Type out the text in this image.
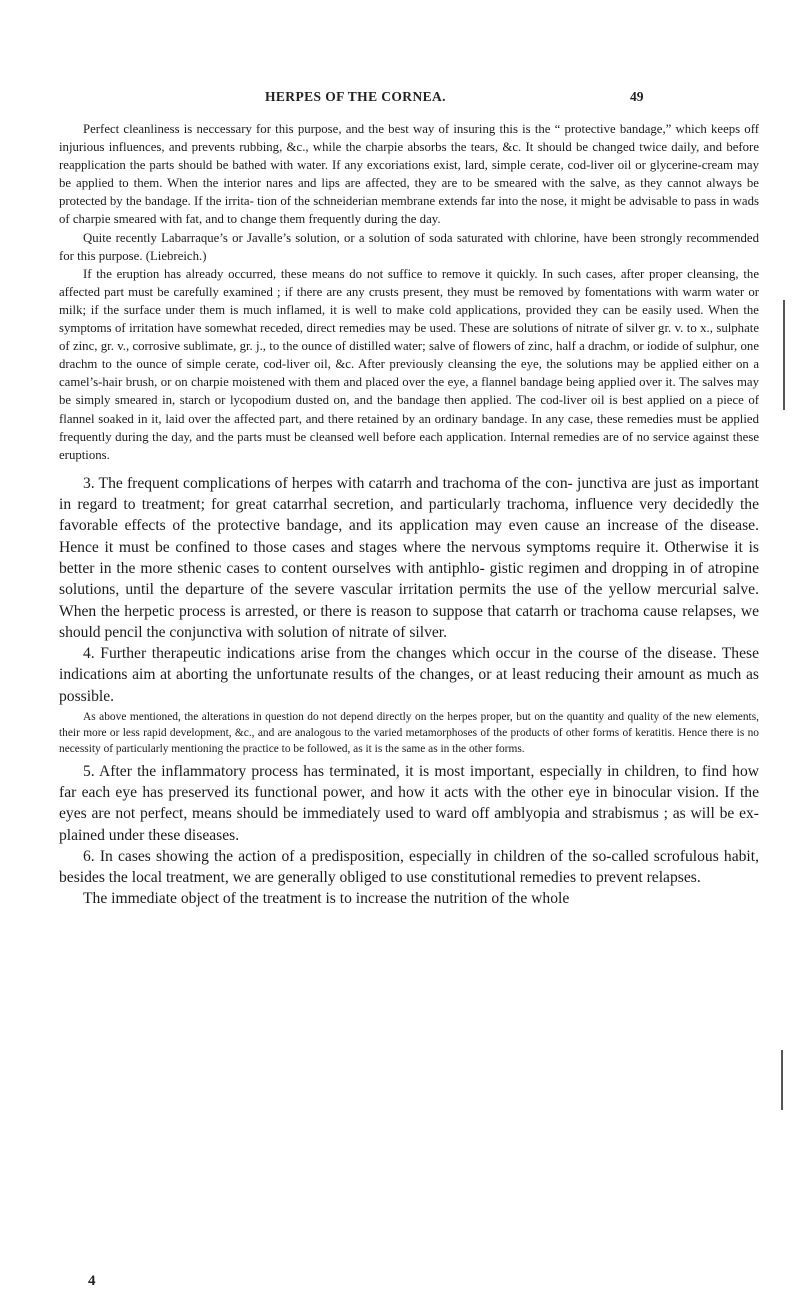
HERPES OF THE CORNEA.	49

Perfect cleanliness is neccessary for this purpose, and the best way of insuring this is the “ protective bandage,” which keeps off injurious influences, and prevents rubbing, &c., while the charpie absorbs the tears, &c. It should be changed twice daily, and before reapplication the parts should be bathed with water. If any excoriations exist, lard, simple cerate, cod-liver oil or glycerine-cream may be applied to them. When the interior nares and lips are affected, they are to be smeared with the salve, as they cannot always be protected by the bandage. If the irrita- tion of the schneiderian membrane extends far into the nose, it might be advisable to pass in wads of charpie smeared with fat, and to change them frequently during the day.

Quite recently Labarraque’s or Javalle’s solution, or a solution of soda saturated with chlorine, have been strongly recommended for this purpose. (Liebreich.)

If the eruption has already occurred, these means do not suffice to remove it quickly. In such cases, after proper cleansing, the affected part must be carefully examined ; if there are any crusts present, they must be removed by fomentations with warm water or milk; if the surface under them is much inflamed, it is well to make cold applications, provided they can be easily used. When the symptoms of irritation have somewhat receded, direct remedies may be used. These are solutions of nitrate of silver gr. v. to x., sulphate of zinc, gr. v., corrosive sublimate, gr. j., to the ounce of distilled water; salve of flowers of zinc, half a drachm, or iodide of sulphur, one drachm to the ounce of simple cerate, cod-liver oil, &c. After previously cleansing the eye, the solutions may be applied either on a camel’s-hair brush, or on charpie moistened with them and placed over the eye, a flannel bandage being applied over it. The salves may be simply smeared in, starch or lycopodium dusted on, and the bandage then applied. The cod-liver oil is best applied on a piece of flannel soaked in it, laid over the affected part, and there retained by an ordinary bandage. In any case, these remedies must be applied frequently during the day, and the parts must be cleansed well before each application. Internal remedies are of no service against these eruptions.

3. The frequent complications of herpes with catarrh and trachoma of the con- junctiva are just as important in regard to treatment; for great catarrhal secretion, and particularly trachoma, influence very decidedly the favorable effects of the protective bandage, and its application may even cause an increase of the disease. Hence it must be confined to those cases and stages where the nervous symptoms require it. Otherwise it is better in the more sthenic cases to content ourselves with antiphlo- gistic regimen and dropping in of atropine solutions, until the departure of the severe vascular irritation permits the use of the yellow mercurial salve. When the herpetic process is arrested, or there is reason to suppose that catarrh or trachoma cause relapses, we should pencil the conjunctiva with solution of nitrate of silver.

4. Further therapeutic indications arise from the changes which occur in the course of the disease. These indications aim at aborting the unfortunate results of the changes, or at least reducing their amount as much as possible.

As above mentioned, the alterations in question do not depend directly on the herpes proper, but on the quantity and quality of the new elements, their more or less rapid development, &c., and are analogous to the varied metamorphoses of the products of other forms of keratitis. Hence there is no necessity of particularly mentioning the practice to be followed, as it is the same as in the other forms.

5. After the inflammatory process has terminated, it is most important, especially in children, to find how far each eye has preserved its functional power, and how it acts with the other eye in binocular vision. If the eyes are not perfect, means should be immediately used to ward off amblyopia and strabismus ; as will be ex- plained under these diseases.

6. In cases showing the action of a predisposition, especially in children of the so-called scrofulous habit, besides the local treatment, we are generally obliged to use constitutional remedies to prevent relapses.

The immediate object of the treatment is to increase the nutrition of the whole

4
